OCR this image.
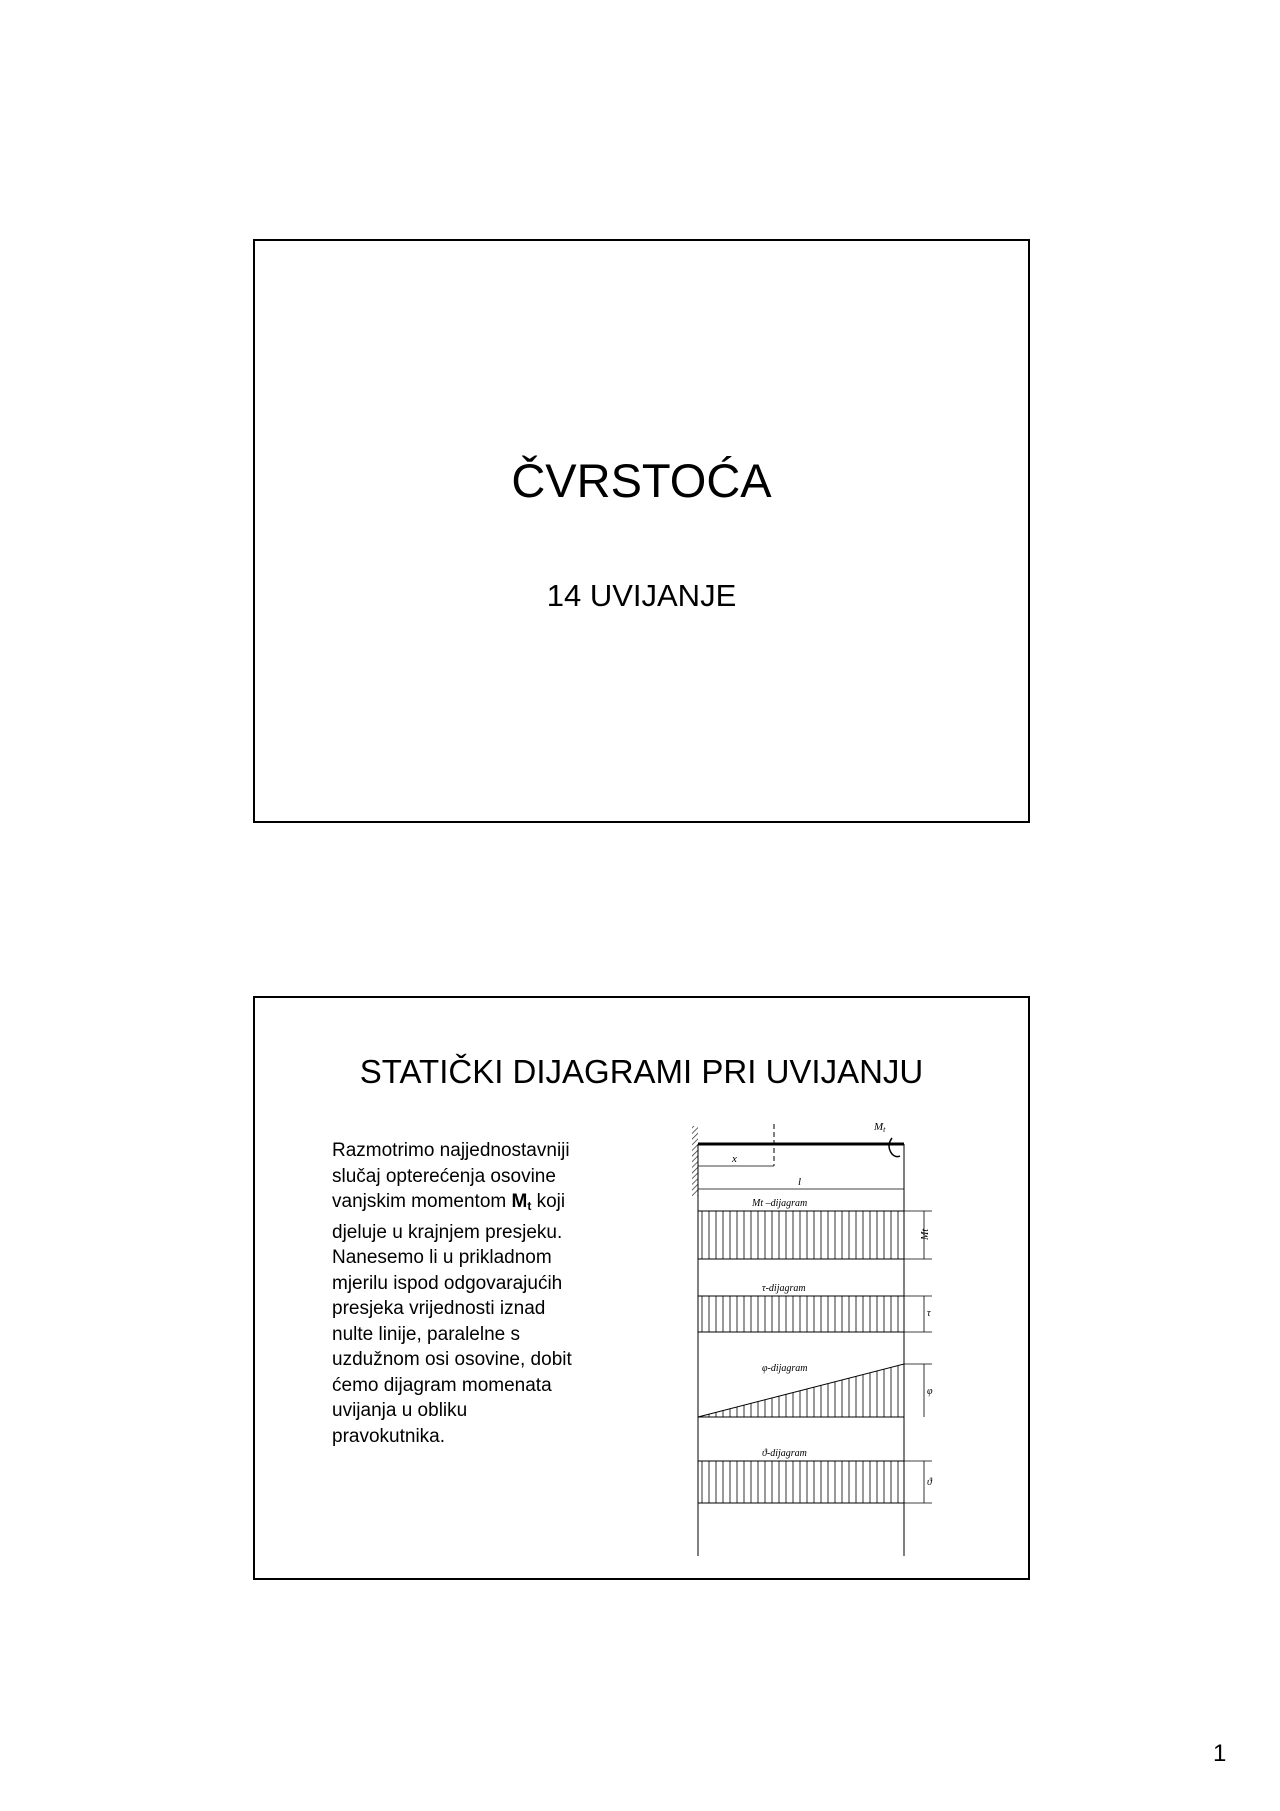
ČVRSTOĆA
14 UVIJANJE
STATIČKI DIJAGRAMI PRI UVIJANJU
Razmotrimo najjednostavniji
slučaj opterećenja osovine
vanjskim momentom $M_t$ koji
djeluje u krajnjem presjeku.
Nanesemo li u prikladnom
mjerilu ispod odgovarajućih
presjeka vrijednosti iznad
nulte linije, paralelne s
uzdužnom osi osovine, dobit
ćemo dijagram momenata
uvijanja u obliku
pravokutnika.
Mt
x
l
Mt –dijagram
Mt
τ-dijagram
τ
φ-dijagram
φ
ϑ-dijagram
ϑ
1
